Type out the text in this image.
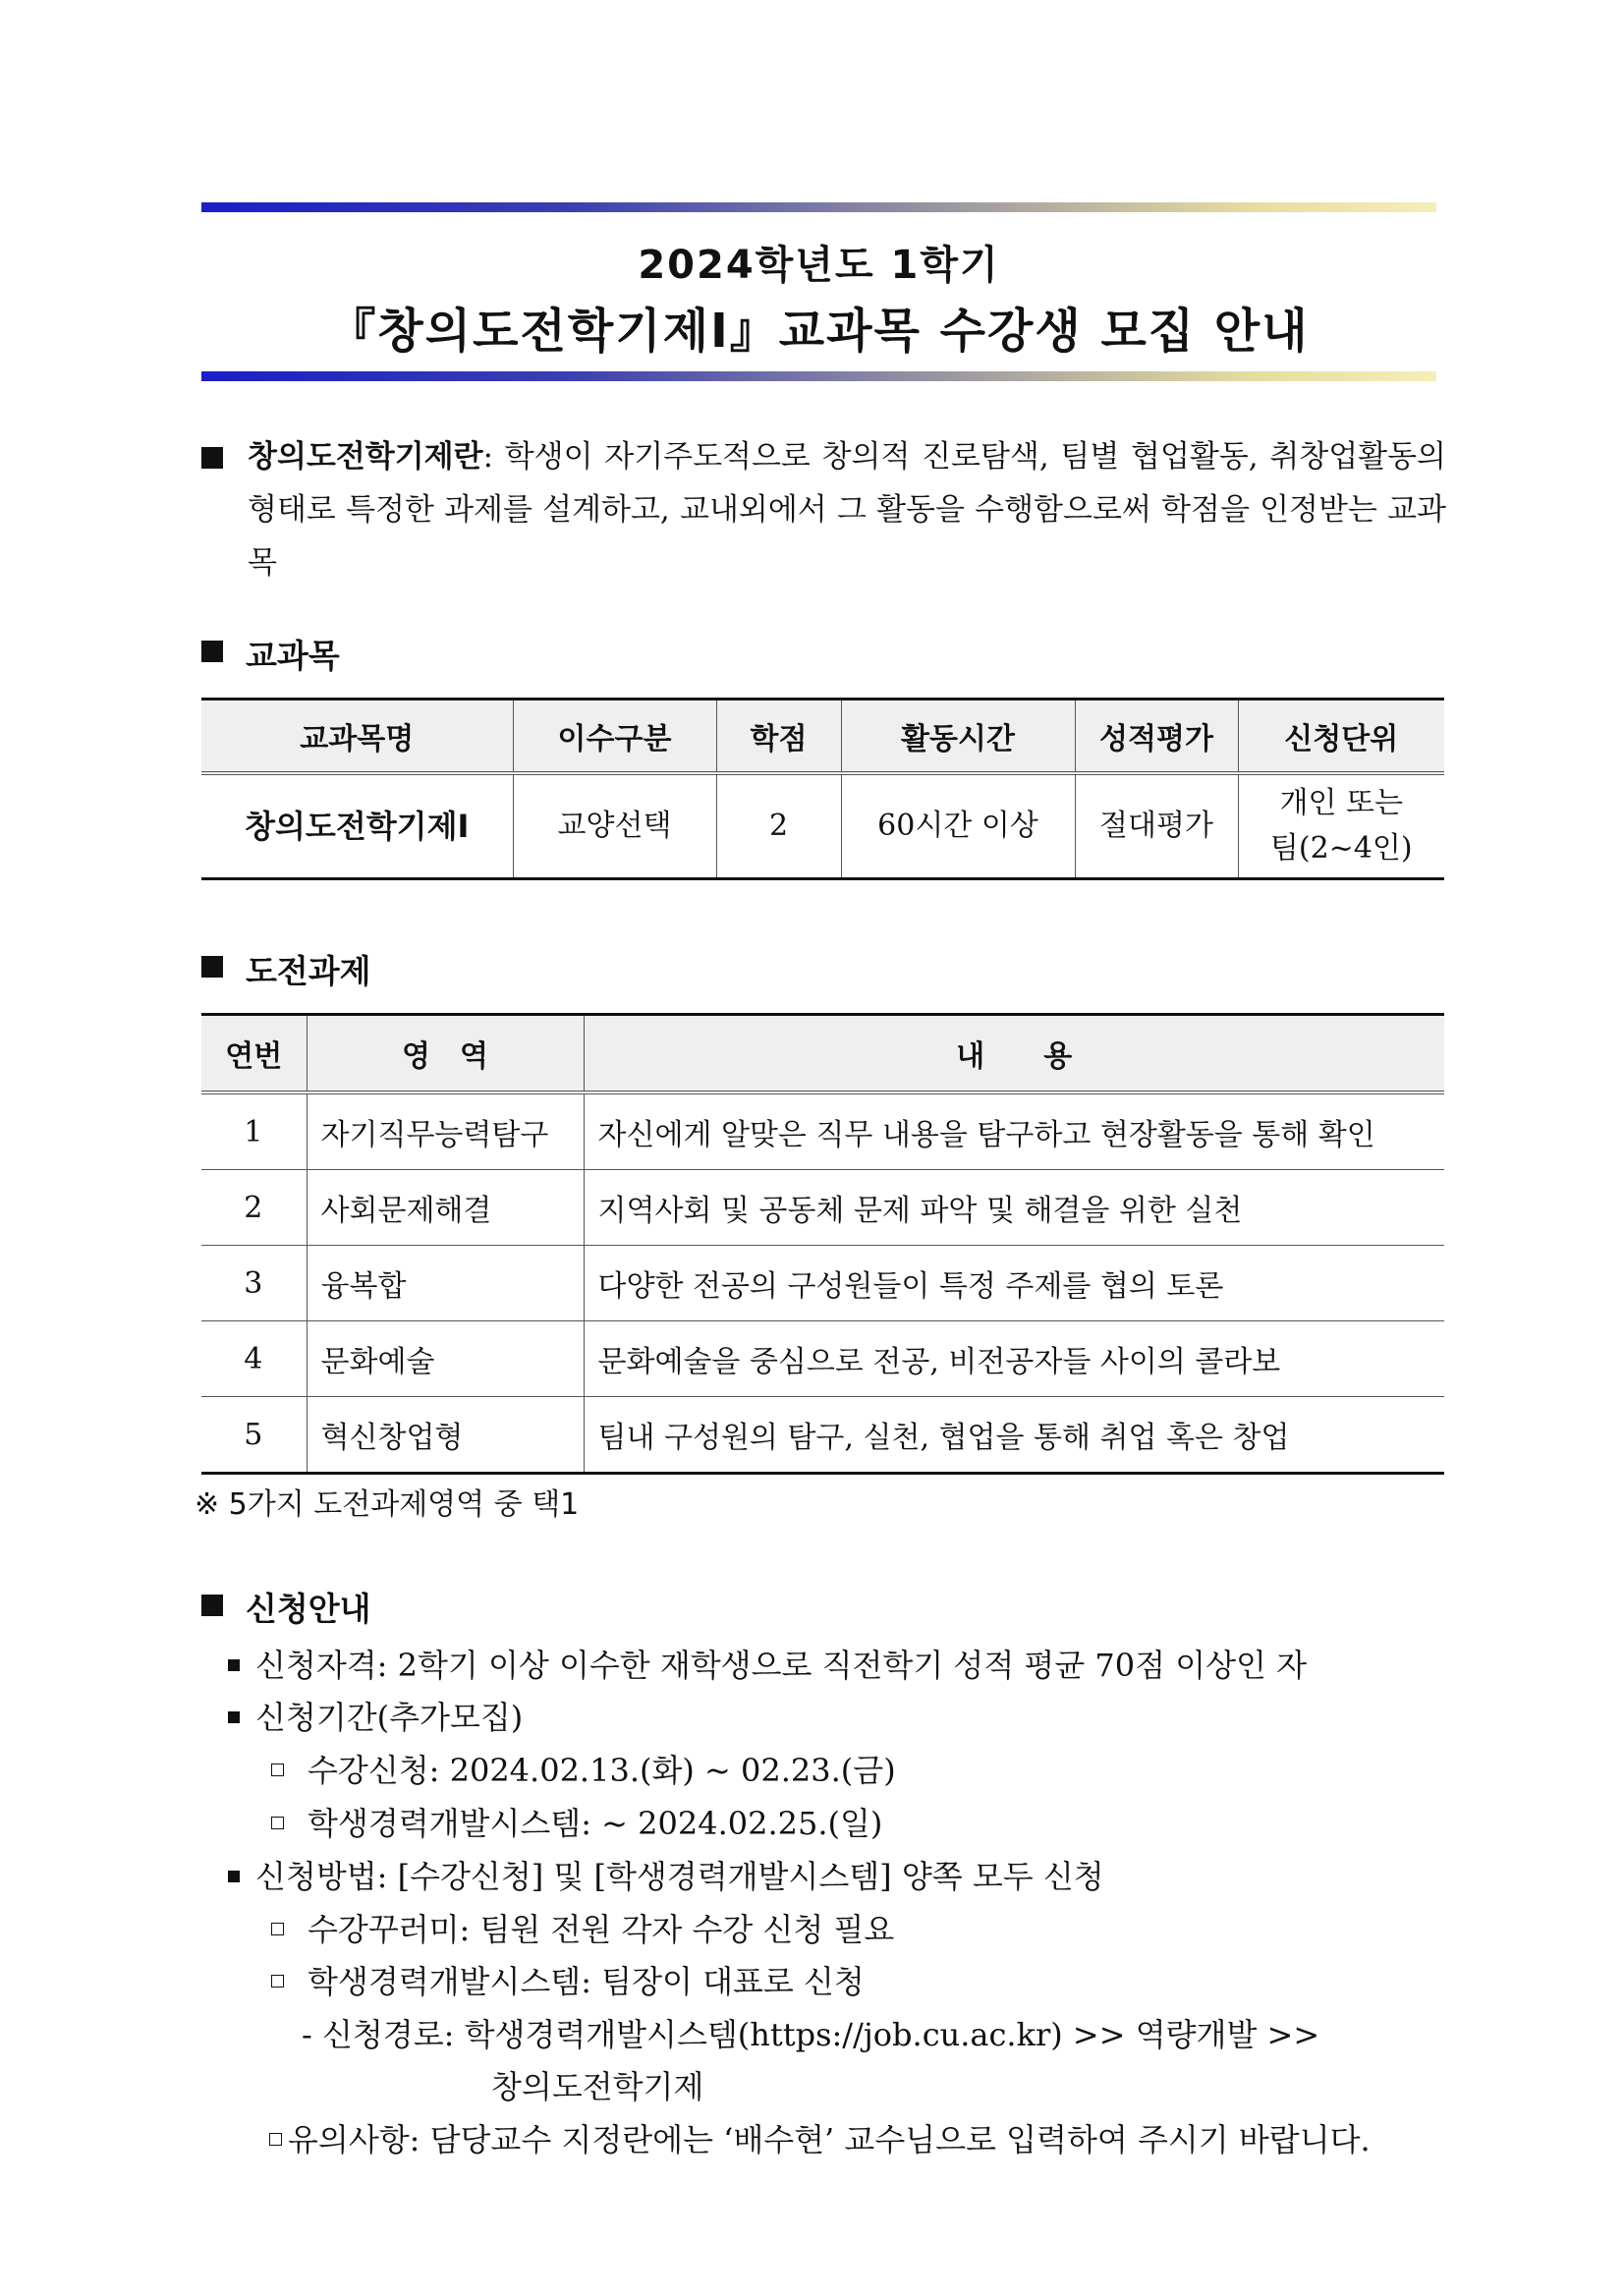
2024학년도 1학기
『창의도전학기제Ⅰ』교과목 수강생 모집 안내
창의도전학기제란: 학생이 자기주도적으로 창의적 진로탐색, 팀별 협업활동, 취창업활동의 형태로 특정한 과제를 설계하고, 교내외에서 그 활동을 수행함으로써 학점을 인정받는 교과목
교과목
교과목명	이수구분	학점	활동시간	성적평가	신청단위
창의도전학기제Ⅰ	교양선택	2	60시간 이상	절대평가	개인 또는
팀(2~4인)
도전과제
연번	영　역	내　　용
1	자기직무능력탐구	자신에게 알맞은 직무 내용을 탐구하고 현장활동을 통해 확인
2	사회문제해결	지역사회 및 공동체 문제 파악 및 해결을 위한 실천
3	융복합	다양한 전공의 구성원들이 특정 주제를 협의 토론
4	문화예술	문화예술을 중심으로 전공, 비전공자들 사이의 콜라보
5	혁신창업형	팀내 구성원의 탐구, 실천, 협업을 통해 취업 혹은 창업
※ 5가지 도전과제영역 중 택1
신청안내
신청자격: 2학기 이상 이수한 재학생으로 직전학기 성적 평균 70점 이상인 자
신청기간(추가모집)
수강신청: 2024.02.13.(화) ~ 02.23.(금)
학생경력개발시스템: ~ 2024.02.25.(일)
신청방법: [수강신청] 및 [학생경력개발시스템] 양쪽 모두 신청
수강꾸러미: 팀원 전원 각자 수강 신청 필요
학생경력개발시스템: 팀장이 대표로 신청
- 신청경로: 학생경력개발시스템(https://job.cu.ac.kr) >> 역량개발 >>
창의도전학기제
유의사항: 담당교수 지정란에는 ‘배수현’ 교수님으로 입력하여 주시기 바랍니다.
